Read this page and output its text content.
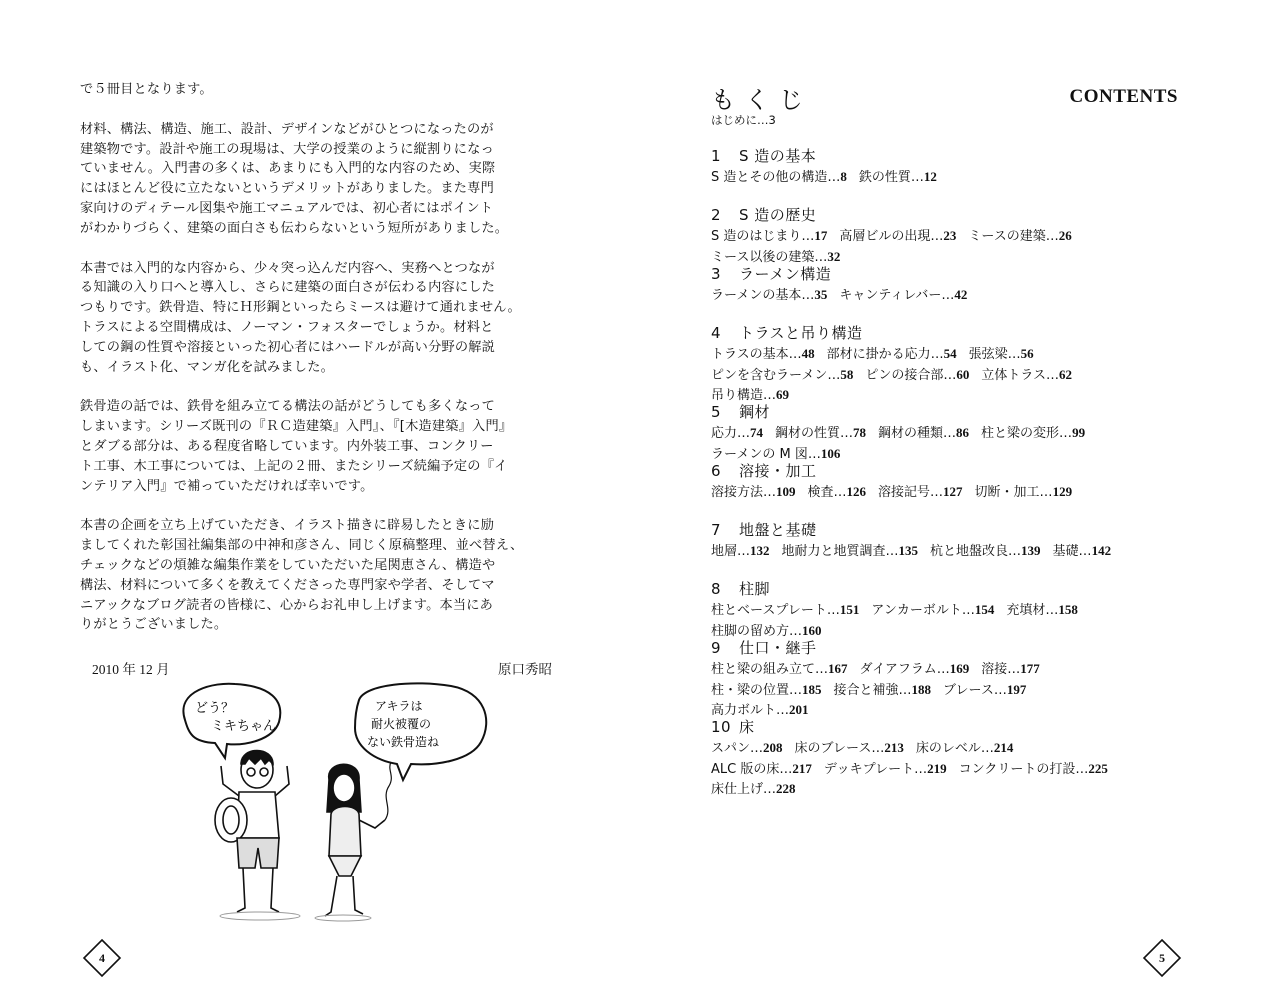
で５冊目となります。

材料、構法、構造、施工、設計、デザインなどがひとつになったのが
建築物です。設計や施工の現場は、大学の授業のように縦割りになっ
ていません。入門書の多くは、あまりにも入門的な内容のため、実際
にはほとんど役に立たないというデメリットがありました。また専門
家向けのディテール図集や施工マニュアルでは、初心者にはポイント
がわかりづらく、建築の面白さも伝わらないという短所がありました。

本書では入門的な内容から、少々突っ込んだ内容へ、実務へとつなが
る知識の入り口へと導入し、さらに建築の面白さが伝わる内容にした
つもりです。鉄骨造、特にＨ形鋼といったらミースは避けて通れません。
トラスによる空間構成は、ノーマン・フォスターでしょうか。材料と
しての鋼の性質や溶接といった初心者にはハードルが高い分野の解説
も、イラスト化、マンガ化を試みました。

鉄骨造の話では、鉄骨を組み立てる構法の話がどうしても多くなって
しまいます。シリーズ既刊の『ＲＣ造建築』入門』、『[木造建築』入門』
とダブる部分は、ある程度省略しています。内外装工事、コンクリー
ト工事、木工事については、上記の２冊、またシリーズ続編予定の『イ
ンテリア入門』で補っていただければ幸いです。

本書の企画を立ち上げていただき、イラスト描きに辟易したときに励
ましてくれた彰国社編集部の中神和彦さん、同じく原稿整理、並べ替え、
チェックなどの煩雑な編集作業をしていただいた尾関恵さん、構造や
構法、材料について多くを教えてくださった専門家や学者、そしてマ
ニアックなブログ読者の皆様に、心からお礼申し上げます。本当にあ
りがとうございました。

2010 年 12 月	原口秀昭
どう？
ミキちゃん
アキラは
耐火被覆の
ない鉄骨造ね
4
もくじ	CONTENTS
はじめに…3
1 S 造の基本
S 造とその他の構造…8 鉄の性質…12
2 S 造の歴史
S 造のはじまり…17 高層ビルの出現…23 ミースの建築…26
ミース以後の建築…32
3 ラーメン構造
ラーメンの基本…35 キャンティレバー…42
4 トラスと吊り構造
トラスの基本…48 部材に掛かる応力…54 張弦梁…56
ピンを含むラーメン…58 ピンの接合部…60 立体トラス…62
吊り構造…69
5 鋼材
応力…74 鋼材の性質…78 鋼材の種類…86 柱と梁の変形…99
ラーメンの M 図…106
6 溶接・加工
溶接方法…109 検査…126 溶接記号…127 切断・加工…129
7 地盤と基礎
地層…132 地耐力と地質調査…135 杭と地盤改良…139 基礎…142
8 柱脚
柱とベースプレート…151 アンカーボルト…154 充填材…158
柱脚の留め方…160
9 仕口・継手
柱と梁の組み立て…167 ダイアフラム…169 溶接…177
柱・梁の位置…185 接合と補強…188 ブレース…197
高力ボルト…201
10 床
スパン…208 床のブレース…213 床のレベル…214
ALC 版の床…217 デッキプレート…219 コンクリートの打設…225
床仕上げ…228
5
